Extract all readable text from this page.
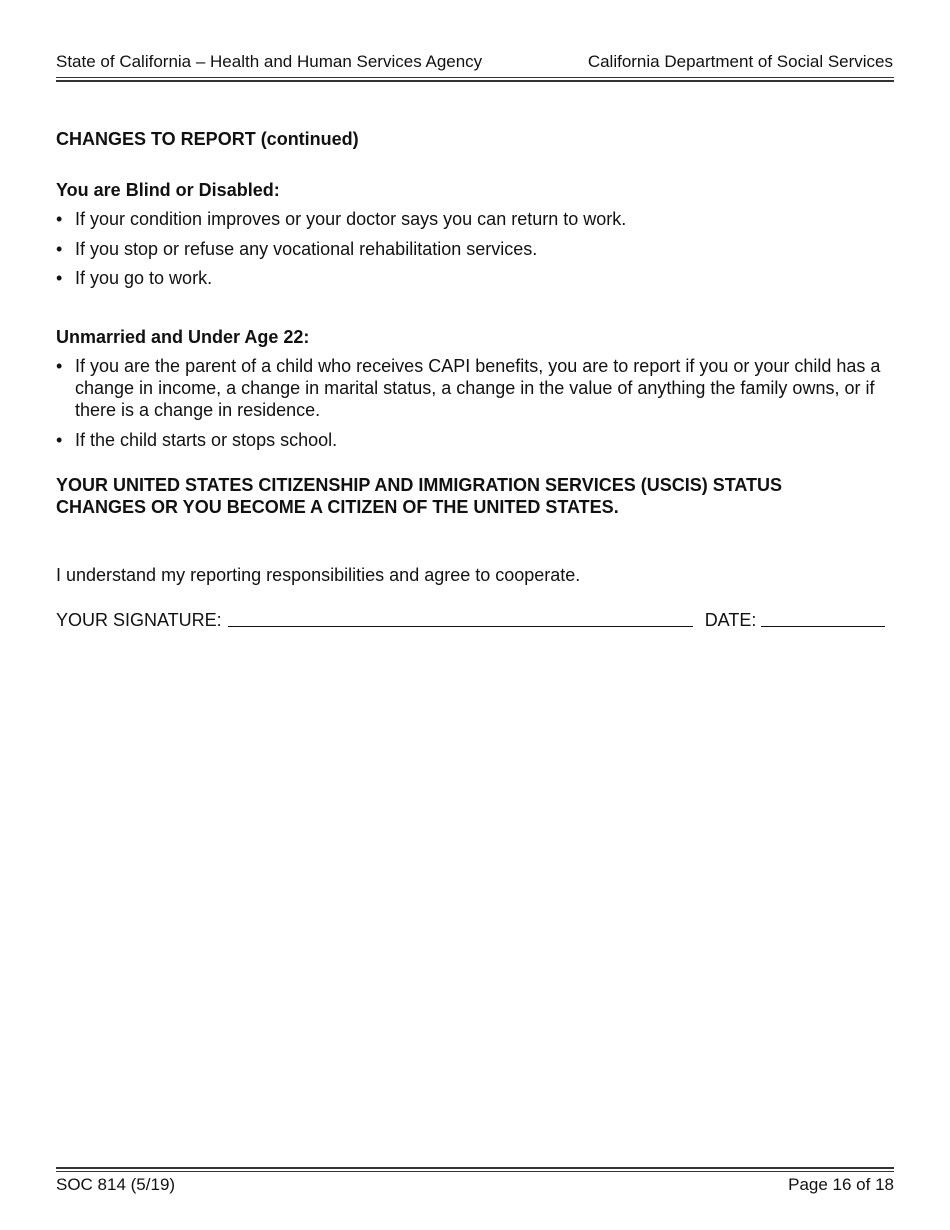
State of California – Health and Human Services Agency	California Department of Social Services
CHANGES TO REPORT (continued)
You are Blind or Disabled:
• If your condition improves or your doctor says you can return to work.
• If you stop or refuse any vocational rehabilitation services.
• If you go to work.
Unmarried and Under Age 22:
• If you are the parent of a child who receives CAPI benefits, you are to report if you or your child has a change in income, a change in marital status, a change in the value of anything the family owns, or if there is a change in residence.
• If the child starts or stops school.
YOUR UNITED STATES CITIZENSHIP AND IMMIGRATION SERVICES (USCIS) STATUS CHANGES OR YOU BECOME A CITIZEN OF THE UNITED STATES.
I understand my reporting responsibilities and agree to cooperate.
YOUR SIGNATURE:	DATE:
SOC 814 (5/19)	Page 16 of 18
